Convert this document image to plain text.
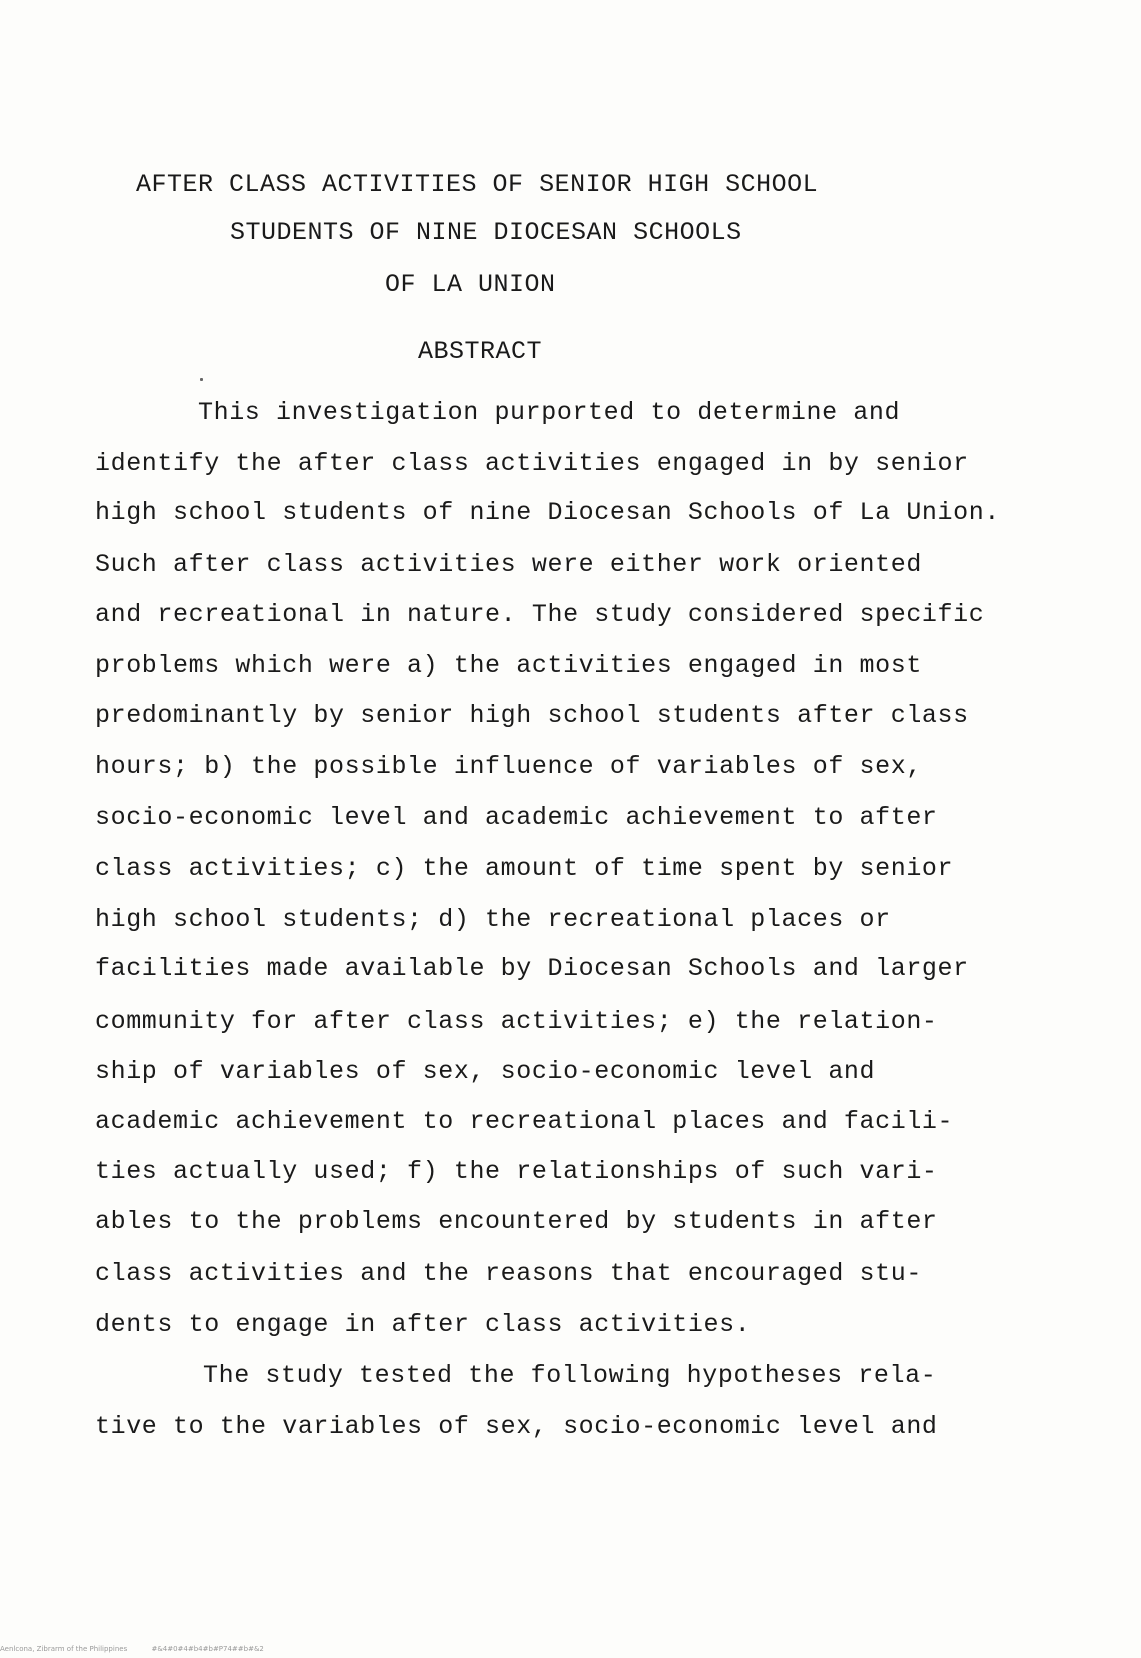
AFTER CLASS ACTIVITIES OF SENIOR HIGH SCHOOL
STUDENTS OF NINE DIOCESAN SCHOOLS
OF LA UNION
ABSTRACT
This investigation purported to determine and
identify the after class activities engaged in by senior
high school students of nine Diocesan Schools of La Union.
Such after class activities were either work oriented
and recreational in nature. The study considered specific
problems which were a) the activities engaged in most
predominantly by senior high school students after class
hours; b) the possible influence of variables of sex,
socio-economic level and academic achievement to after
class activities; c) the amount of time spent by senior
high school students; d) the recreational places or
facilities made available by Diocesan Schools and larger
community for after class activities; e) the relation-
ship of variables of sex, socio-economic level and
academic achievement to recreational places and facili-
ties actually used; f) the relationships of such vari-
ables to the problems encountered by students in after
class activities and the reasons that encouraged stu-
dents to engage in after class activities.
The study tested the following hypotheses rela-
tive to the variables of sex, socio-economic level and
Aenlcona, Zibrarm of the Philippines	#&4#0#4#b4#b#P74##b#&2
